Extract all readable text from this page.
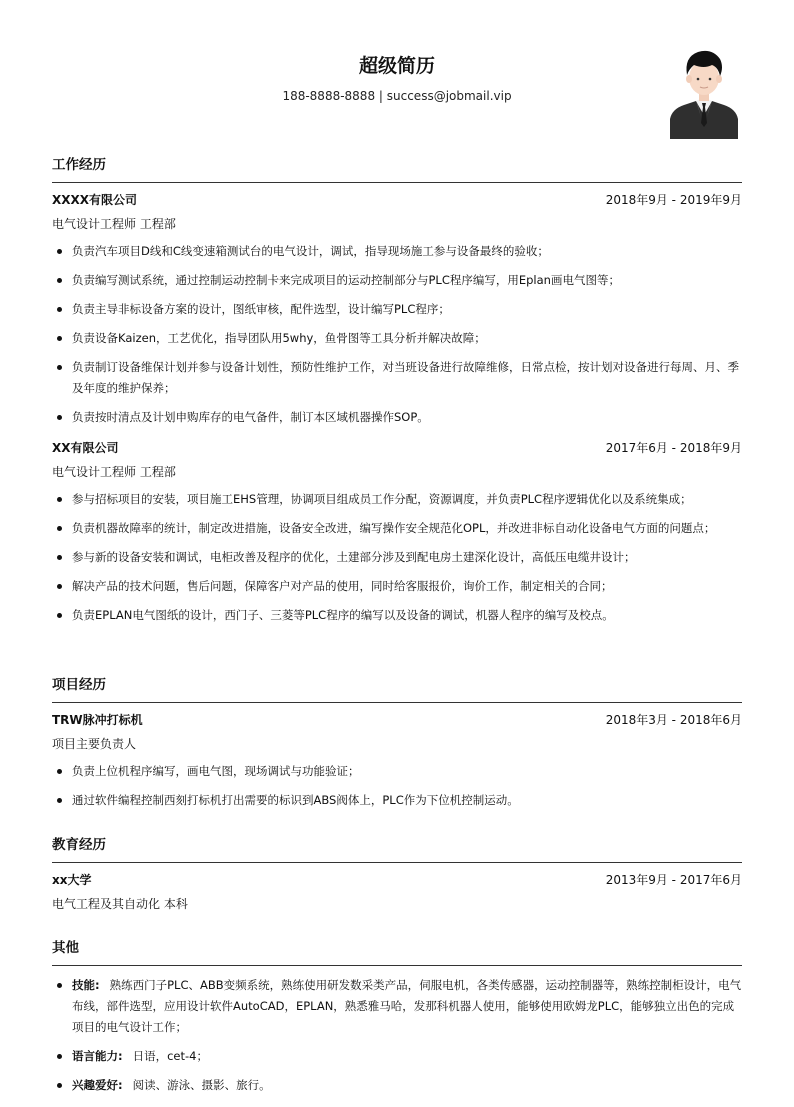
超级简历
188-8888-8888 | success@jobmail.vip
工作经历
XXXX有限公司	2018年9月 - 2019年9月
电气设计工程师 工程部
负责汽车项目D线和C线变速箱测试台的电气设计，调试，指导现场施工参与设备最终的验收；
负责编写测试系统，通过控制运动控制卡来完成项目的运动控制部分与PLC程序编写，用Eplan画电气图等；
负责主导非标设备方案的设计，图纸审核，配件选型，设计编写PLC程序；
负责设备Kaizen，工艺优化，指导团队用5why，鱼骨图等工具分析并解决故障；
负责制订设备维保计划并参与设备计划性，预防性维护工作，对当班设备进行故障维修，日常点检，按计划对设备进行每周、月、季及年度的维护保养；
负责按时清点及计划申购库存的电气备件，制订本区域机器操作SOP。
XX有限公司	2017年6月 - 2018年9月
电气设计工程师 工程部
参与招标项目的安装，项目施工EHS管理，协调项目组成员工作分配，资源调度，并负责PLC程序逻辑优化以及系统集成；
负责机器故障率的统计，制定改进措施，设备安全改进，编写操作安全规范化OPL，并改进非标自动化设备电气方面的问题点；
参与新的设备安装和调试，电柜改善及程序的优化，土建部分涉及到配电房土建深化设计，高低压电缆井设计；
解决产品的技术问题，售后问题，保障客户对产品的使用，同时给客服报价，询价工作，制定相关的合同；
负责EPLAN电气图纸的设计，西门子、三菱等PLC程序的编写以及设备的调试，机器人程序的编写及校点。
项目经历
TRW脉冲打标机	2018年3月 - 2018年6月
项目主要负责人
负责上位机程序编写，画电气图，现场调试与功能验证；
通过软件编程控制西刻打标机打出需要的标识到ABS阀体上，PLC作为下位机控制运动。
教育经历
xx大学	2013年9月 - 2017年6月
电气工程及其自动化 本科
其他
技能: 熟练西门子PLC、ABB变频系统，熟练使用研发数采类产品，伺服电机，各类传感器，运动控制器等，熟练控制柜设计，电气布线，部件选型，应用设计软件AutoCAD，EPLAN，熟悉雅马哈，发那科机器人使用，能够使用欧姆龙PLC，能够独立出色的完成项目的电气设计工作；
语言能力: 日语，cet-4；
兴趣爱好: 阅读、游泳、摄影、旅行。
